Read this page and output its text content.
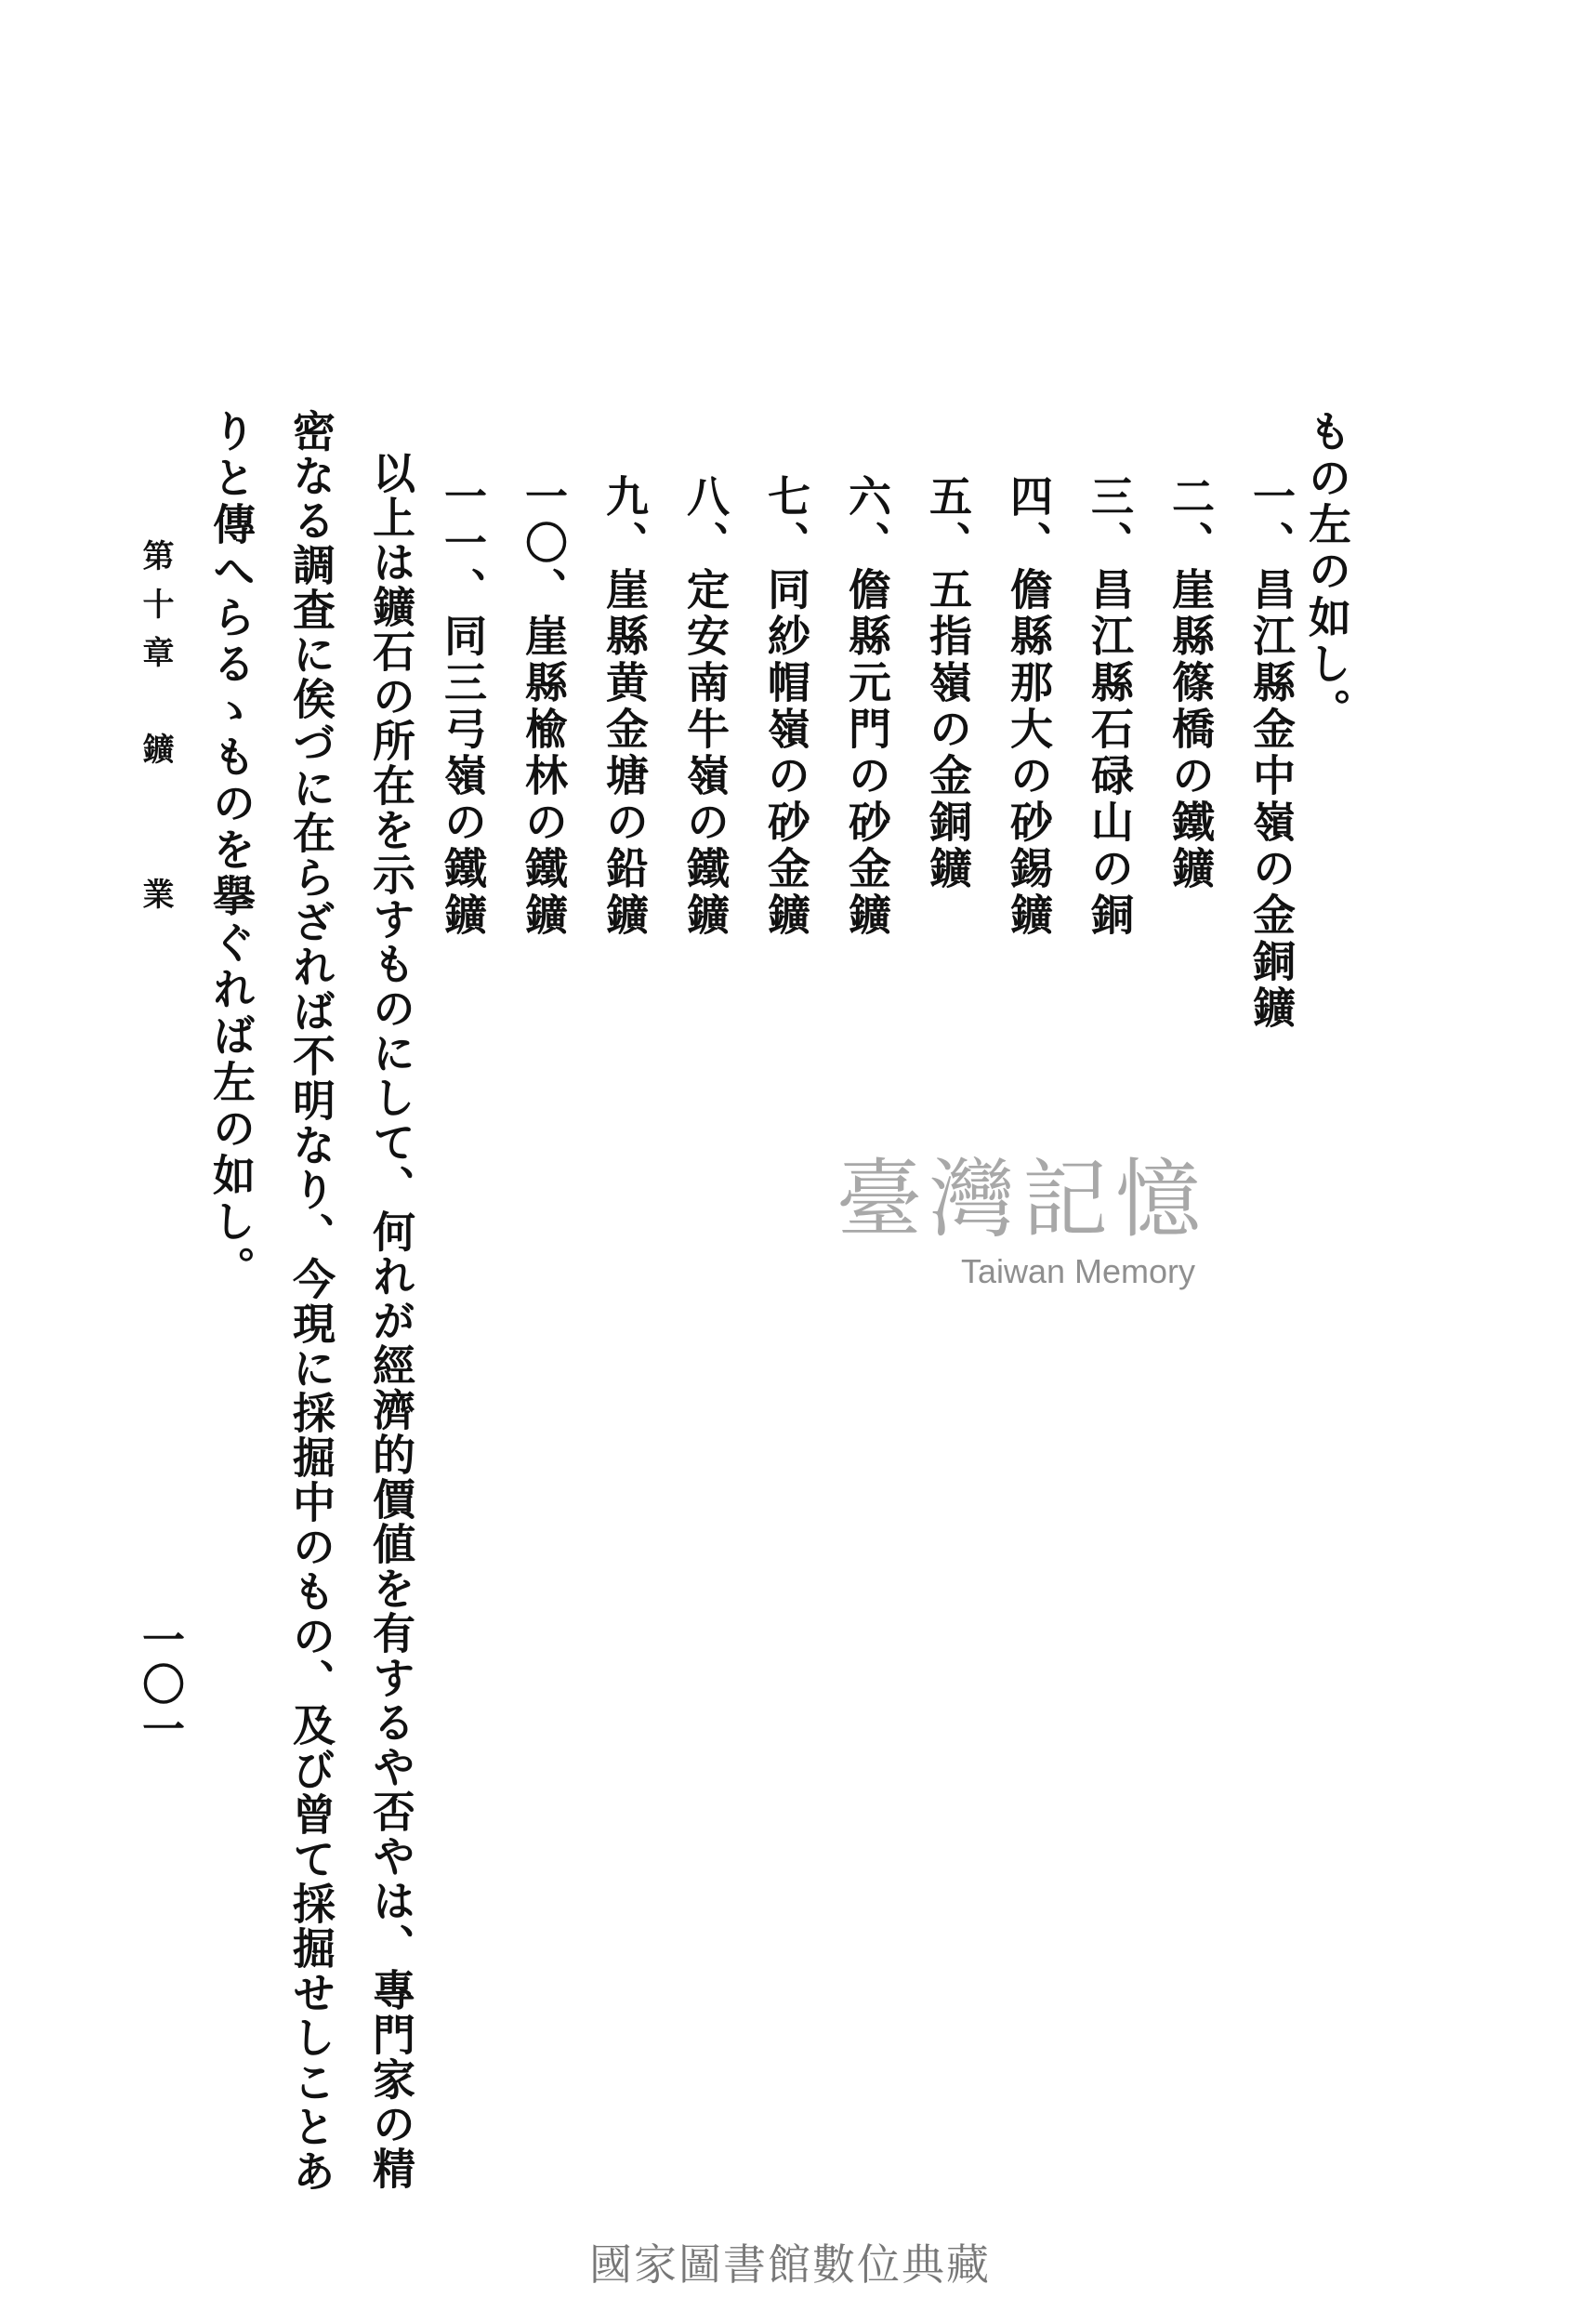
もの左の如し。
一、昌江縣金中嶺の金銅鑛
二、崖縣篠橋の鐵鑛
三、昌江縣石碌山の銅
四、儋縣那大の砂錫鑛
五、五指嶺の金銅鑛
六、儋縣元門の砂金鑛
七、同紗帽嶺の砂金鑛
八、定安南牛嶺の鐵鑛
九、崖縣黄金塘の鉛鑛
一〇、崖縣楡林の鐵鑛
一一、同三弓嶺の鐵鑛
以上は鑛石の所在を示すものにして、何れが經濟的價値を有するや否やは、專門家の精
密なる調査に俟づに在らざれば不明なり、今現に採掘中のもの、及び曾て採掘せしことあ
りと傳へらるゝものを擧ぐれば左の如し。
第十章　鑛　　業
一〇一
臺灣記憶
Taiwan Memory
國家圖書館數位典藏
